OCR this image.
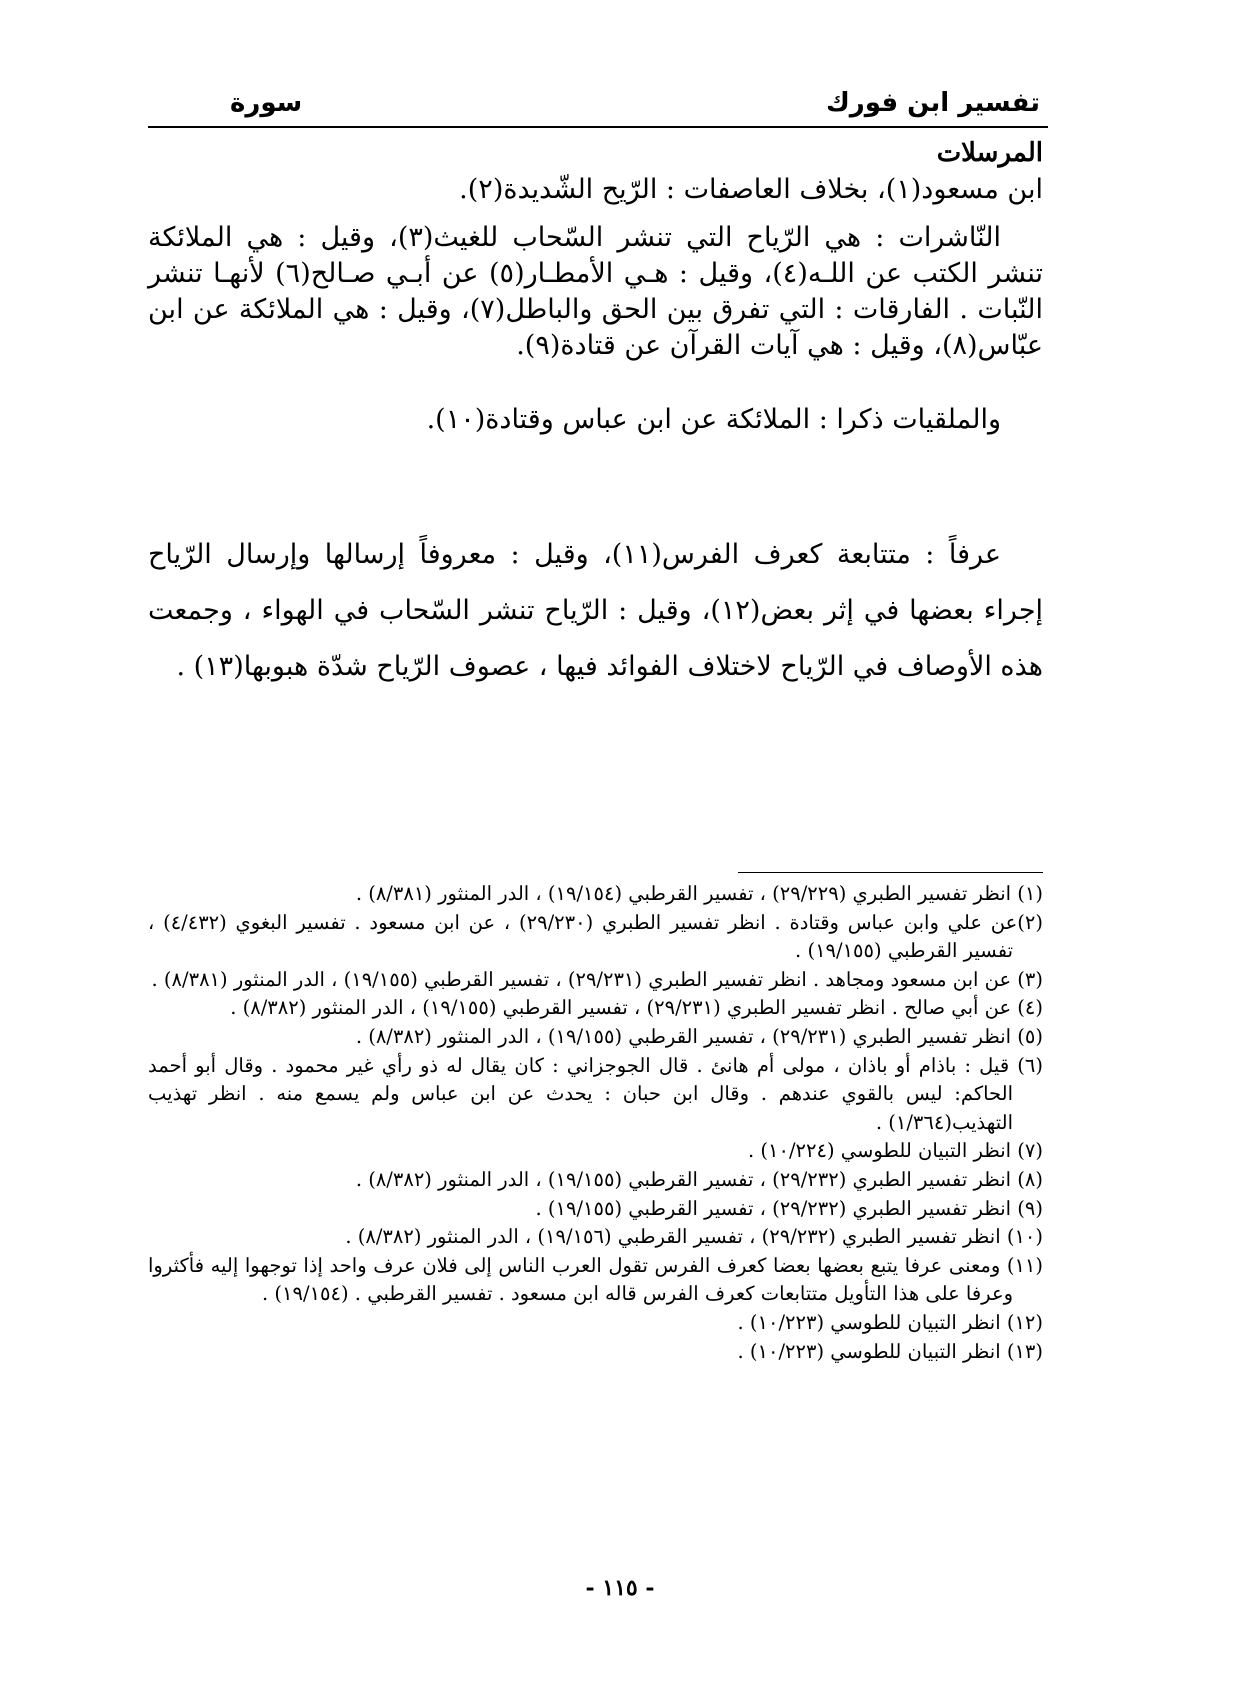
تفسير ابن فورك
سورة
المرسلات

ابن مسعود(١)، بخلاف العاصفات : الرّيح الشّديدة(٢).

النّاشرات : هي الرّياح التي تنشر السّحاب للغيث(٣)، وقيل : هي الملائكة تنشر الكتب عن اللـه(٤)، وقيل : هـي الأمطـار(٥) عن أبـي صـالح(٦) لأنهـا تنشر النّبات . الفارقات : التي تفرق بين الحق والباطل(٧)، وقيل : هي الملائكة عن ابن عبّاس(٨)، وقيل : هي آيات القرآن عن قتادة(٩).

والملقيات ذكرا : الملائكة عن ابن عباس وقتادة(١٠).

عرفاً : متتابعة كعرف الفرس(١١)، وقيل : معروفاً إرسالها وإرسال الرّياح إجراء بعضها في إثر بعض(١٢)، وقيل : الرّياح تنشر السّحاب في الهواء ، وجمعت هذه الأوصاف في الرّياح لاختلاف الفوائد فيها ، عصوف الرّياح شدّة هبوبها(١٣) .

(١) انظر تفسير الطبري (٢٩/٢٢٩) ، تفسير القرطبي (١٩/١٥٤) ، الدر المنثور (٨/٣٨١) .
(٢)عن علي وابن عباس وقتادة . انظر تفسير الطبري (٢٩/٢٣٠) ، عن ابن مسعود . تفسير البغوي (٤/٤٣٢) ، تفسير القرطبي (١٩/١٥٥) .
(٣) عن ابن مسعود ومجاهد . انظر تفسير الطبري (٢٩/٢٣١) ، تفسير القرطبي (١٩/١٥٥) ، الدر المنثور (٨/٣٨١) .
(٤) عن أبي صالح . انظر تفسير الطبري (٢٩/٢٣١) ، تفسير القرطبي (١٩/١٥٥) ، الدر المنثور (٨/٣٨٢) .
(٥) انظر تفسير الطبري (٢٩/٢٣١) ، تفسير القرطبي (١٩/١٥٥) ، الدر المنثور (٨/٣٨٢) .
(٦) قيل : باذام أو باذان ، مولى أم هانئ . قال الجوجزاني : كان يقال له ذو رأي غير محمود . وقال أبو أحمد الحاكم: ليس بالقوي عندهم . وقال ابن حبان : يحدث عن ابن عباس ولم يسمع منه . انظر تهذيب التهذيب(١/٣٦٤) .
(٧) انظر التبيان للطوسي (١٠/٢٢٤) .
(٨) انظر تفسير الطبري (٢٩/٢٣٢) ، تفسير القرطبي (١٩/١٥٥) ، الدر المنثور (٨/٣٨٢) .
(٩) انظر تفسير الطبري (٢٩/٢٣٢) ، تفسير القرطبي (١٩/١٥٥) .
(١٠) انظر تفسير الطبري (٢٩/٢٣٢) ، تفسير القرطبي (١٩/١٥٦) ، الدر المنثور (٨/٣٨٢) .
(١١) ومعنى عرفا يتبع بعضها بعضا كعرف الفرس تقول العرب الناس إلى فلان عرف واحد إذا توجهوا إليه فأكثروا وعرفا على هذا التأويل متتابعات كعرف الفرس قاله ابن مسعود . تفسير القرطبي . (١٩/١٥٤) .
(١٢) انظر التبيان للطوسي (١٠/٢٢٣) .
(١٣) انظر التبيان للطوسي (١٠/٢٢٣) .
- ١١٥ -
